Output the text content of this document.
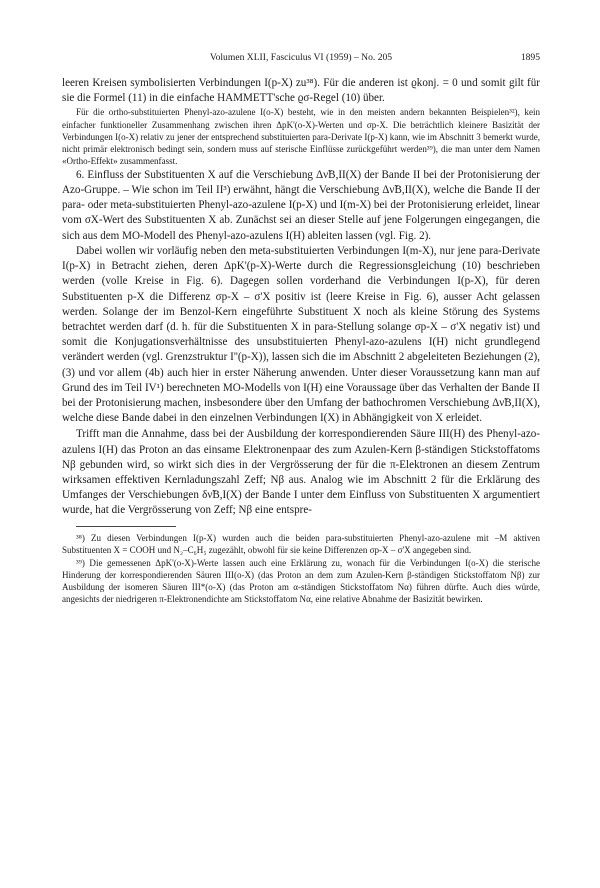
Volumen XLII, Fasciculus VI (1959) – No. 205	1895

leeren Kreisen symbolisierten Verbindungen I(p-X) zu³⁸). Für die anderen ist ϱkonj. = 0 und somit gilt für sie die Formel (11) in die einfache HAMMETT'sche ϱσ-Regel (10) über.

Für die ortho-substituierten Phenyl-azo-azulene I(o-X) besteht, wie in den meisten andern bekannten Beispielen³²), kein einfacher funktioneller Zusammenhang zwischen ihren ΔpK'(o-X)-Werten und σp-X. Die beträchtlich kleinere Basizität der Verbindungen I(o-X) relativ zu jener der entsprechend substituierten para-Derivate I(p-X) kann, wie im Abschnitt 3 bemerkt wurde, nicht primär elektronisch bedingt sein, sondern muss auf sterische Einflüsse zurückgeführt werden³⁹), die man unter dem Namen «Ortho-Effekt» zusammenfasst.

6. Einfluss der Substituenten X auf die Verschiebung Δν̃B,II(X) der Bande II bei der Protonisierung der Azo-Gruppe. – Wie schon im Teil II³) erwähnt, hängt die Verschiebung Δν̃B,II(X), welche die Bande II der para- oder meta-substituierten Phenyl-azo-azulene I(p-X) und I(m-X) bei der Protonisierung erleidet, linear vom σX-Wert des Substituenten X ab. Zunächst sei an dieser Stelle auf jene Folgerungen eingegangen, die sich aus dem MO-Modell des Phenyl-azo-azulens I(H) ableiten lassen (vgl. Fig. 2).

Dabei wollen wir vorläufig neben den meta-substituierten Verbindungen I(m-X), nur jene para-Derivate I(p-X) in Betracht ziehen, deren ΔpK'(p-X)-Werte durch die Regressionsgleichung (10) beschrieben werden (volle Kreise in Fig. 6). Dagegen sollen vorderhand die Verbindungen I(p-X), für deren Substituenten p-X die Differenz σp-X – σ'X positiv ist (leere Kreise in Fig. 6), ausser Acht gelassen werden. Solange der im Benzol-Kern eingeführte Substituent X noch als kleine Störung des Systems betrachtet werden darf (d. h. für die Substituenten X in para-Stellung solange σp-X – σ'X negativ ist) und somit die Konjugationsverhältnisse des unsubstituierten Phenyl-azo-azulens I(H) nicht grundlegend verändert werden (vgl. Grenzstruktur I''(p-X)), lassen sich die im Abschnitt 2 abgeleiteten Beziehungen (2), (3) und vor allem (4b) auch hier in erster Näherung anwenden. Unter dieser Voraussetzung kann man auf Grund des im Teil IV¹) berechneten MO-Modells von I(H) eine Voraussage über das Verhalten der Bande II bei der Protonisierung machen, insbesondere über den Umfang der bathochromen Verschiebung Δν̃B,II(X), welche diese Bande dabei in den einzelnen Verbindungen I(X) in Abhängigkeit von X erleidet.

Trifft man die Annahme, dass bei der Ausbildung der korrespondierenden Säure III(H) des Phenyl-azo-azulens I(H) das Proton an das einsame Elektronenpaar des zum Azulen-Kern β-ständigen Stickstoffatoms Nβ gebunden wird, so wirkt sich dies in der Vergrösserung der für die π-Elektronen an diesem Zentrum wirksamen effektiven Kernladungszahl Zeff; Nβ aus. Analog wie im Abschnitt 2 für die Erklärung des Umfanges der Verschiebungen δν̃B,I(X) der Bande I unter dem Einfluss von Substituenten X argumentiert wurde, hat die Vergrösserung von Zeff; Nβ eine entspre-

³⁸) Zu diesen Verbindungen I(p-X) wurden auch die beiden para-substituierten Phenyl-azo-azulene mit –M aktiven Substituenten X = COOH und N₂–C₆H₅ zugezählt, obwohl für sie keine Differenzen σp-X – σ'X angegeben sind.

³⁹) Die gemessenen ΔpK'(o-X)-Werte lassen auch eine Erklärung zu, wonach für die Verbindungen I(o-X) die sterische Hinderung der korrespondierenden Säuren III(o-X) (das Proton an dem zum Azulen-Kern β-ständigen Stickstoffatom Nβ) zur Ausbildung der isomeren Säuren III*(o-X) (das Proton am α-ständigen Stickstoffatom Nα) führen dürfte. Auch dies würde, angesichts der niedrigeren π-Elektronendichte am Stickstoffatom Nα, eine relative Abnahme der Basizität bewirken.
